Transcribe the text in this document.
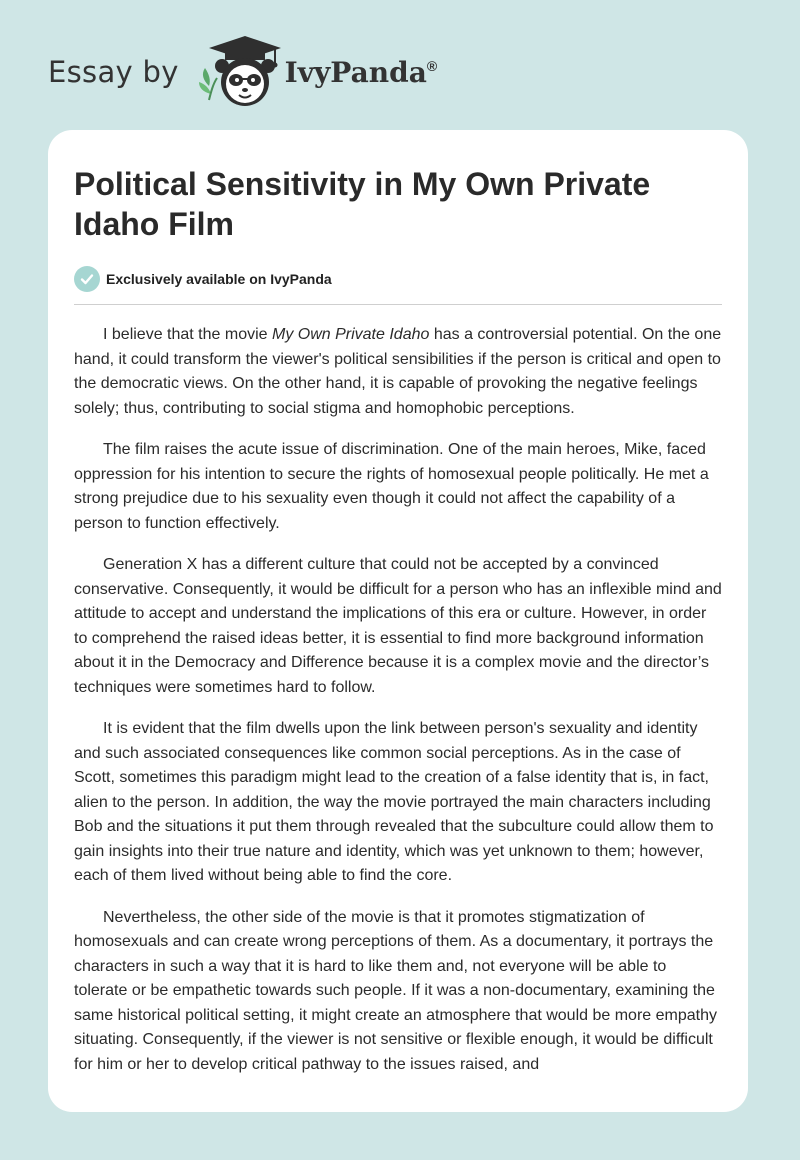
Essay by	IvyPanda®
Political Sensitivity in My Own Private Idaho Film
Exclusively available on IvyPanda

I believe that the movie My Own Private Idaho has a controversial potential. On the one hand, it could transform the viewer's political sensibilities if the person is critical and open to the democratic views. On the other hand, it is capable of provoking the negative feelings solely; thus, contributing to social stigma and homophobic perceptions.

The film raises the acute issue of discrimination. One of the main heroes, Mike, faced oppression for his intention to secure the rights of homosexual people politically. He met a strong prejudice due to his sexuality even though it could not affect the capability of a person to function effectively.

Generation X has a different culture that could not be accepted by a convinced conservative. Consequently, it would be difficult for a person who has an inflexible mind and attitude to accept and understand the implications of this era or culture. However, in order to comprehend the raised ideas better, it is essential to find more background information about it in the Democracy and Difference because it is a complex movie and the director’s techniques were sometimes hard to follow.

It is evident that the film dwells upon the link between person's sexuality and identity and such associated consequences like common social perceptions. As in the case of Scott, sometimes this paradigm might lead to the creation of a false identity that is, in fact, alien to the person. In addition, the way the movie portrayed the main characters including Bob and the situations it put them through revealed that the subculture could allow them to gain insights into their true nature and identity, which was yet unknown to them; however, each of them lived without being able to find the core.

Nevertheless, the other side of the movie is that it promotes stigmatization of homosexuals and can create wrong perceptions of them. As a documentary, it portrays the characters in such a way that it is hard to like them and, not everyone will be able to tolerate or be empathetic towards such people. If it was a non-documentary, examining the same historical political setting, it might create an atmosphere that would be more empathy situating. Consequently, if the viewer is not sensitive or flexible enough, it would be difficult for him or her to develop critical pathway to the issues raised, and
